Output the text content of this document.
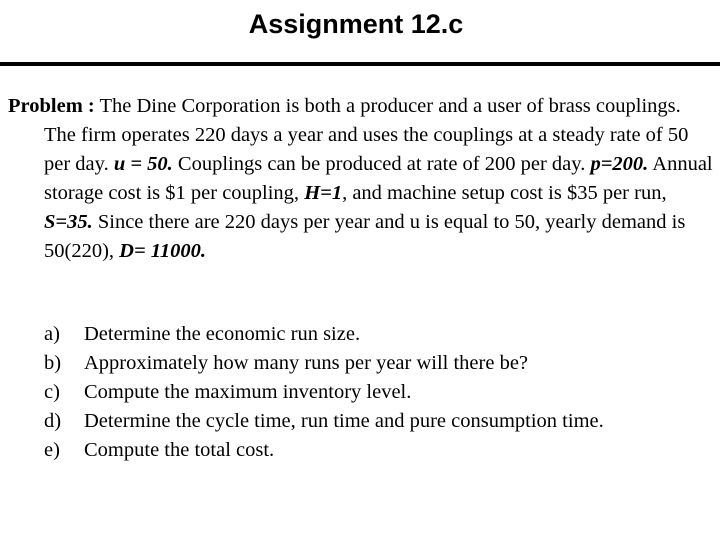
Assignment 12.c
Problem : The Dine Corporation is both a producer and a user of brass couplings. The firm operates 220 days a year and uses the couplings at a steady rate of 50 per day. u = 50. Couplings can be produced at rate of 200 per day. p=200. Annual storage cost is $1 per coupling, H=1, and machine setup cost is $35 per run, S=35. Since there are 220 days per year and u is equal to 50, yearly demand is 50(220), D= 11000.
a)	Determine the economic run size.
b)	Approximately how many runs per year will there be?
c)	Compute the maximum inventory level.
d)	Determine the cycle time, run time and pure consumption time.
e)	Compute the total cost.
